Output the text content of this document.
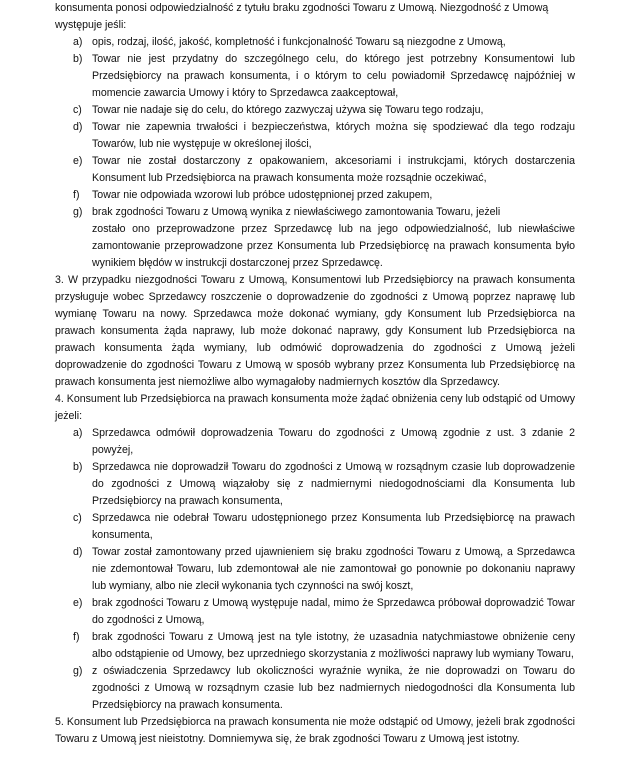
konsumenta ponosi odpowiedzialność z tytułu braku zgodności Towaru z Umową. Niezgodność z Umową

występuje jeśli:

a) opis, rodzaj, ilość, jakość, kompletność i funkcjonalność Towaru są niezgodne z Umową,
b) Towar nie jest przydatny do szczególnego celu, do którego jest potrzebny Konsumentowi lub Przedsiębiorcy na prawach konsumenta, i o którym to celu powiadomił Sprzedawcę najpóźniej w momencie zawarcia Umowy i który to Sprzedawca zaakceptował,
c) Towar nie nadaje się do celu, do którego zazwyczaj używa się Towaru tego rodzaju,
d) Towar nie zapewnia trwałości i bezpieczeństwa, których można się spodziewać dla tego rodzaju Towarów, lub nie występuje w określonej ilości,
e) Towar nie został dostarczony z opakowaniem, akcesoriami i instrukcjami, których dostarczenia Konsument lub Przedsiębiorca na prawach konsumenta może rozsądnie oczekiwać,
f) Towar nie odpowiada wzorowi lub próbce udostępnionej przed zakupem,
g) brak zgodności Towaru z Umową wynika z niewłaściwego zamontowania Towaru, jeżeli

zostało ono przeprowadzone przez Sprzedawcę lub na jego odpowiedzialność, lub niewłaściwe zamontowanie przeprowadzone przez Konsumenta lub Przedsiębiorcę na prawach konsumenta było wynikiem błędów w instrukcji dostarczonej przez Sprzedawcę.

3. W przypadku niezgodności Towaru z Umową, Konsumentowi lub Przedsiębiorcy na prawach konsumenta przysługuje wobec Sprzedawcy roszczenie o doprowadzenie do zgodności z Umową poprzez naprawę lub wymianę Towaru na nowy. Sprzedawca może dokonać wymiany, gdy Konsument lub Przedsiębiorca na prawach konsumenta żąda naprawy, lub może dokonać naprawy, gdy Konsument lub Przedsiębiorca na prawach konsumenta żąda wymiany, lub odmówić doprowadzenia do zgodności z Umową jeżeli doprowadzenie do zgodności Towaru z Umową w sposób wybrany przez Konsumenta lub Przedsiębiorcę na prawach konsumenta jest niemożliwe albo wymagałoby nadmiernych kosztów dla Sprzedawcy.

4. Konsument lub Przedsiębiorca na prawach konsumenta może żądać obniżenia ceny lub odstąpić od Umowy jeżeli:

a) Sprzedawca odmówił doprowadzenia Towaru do zgodności z Umową zgodnie z ust. 3 zdanie 2 powyżej,
b) Sprzedawca nie doprowadził Towaru do zgodności z Umową w rozsądnym czasie lub doprowadzenie do zgodności z Umową wiązałoby się z nadmiernymi niedogodnościami dla Konsumenta lub Przedsiębiorcy na prawach konsumenta,
c) Sprzedawca nie odebrał Towaru udostępnionego przez Konsumenta lub Przedsiębiorcę na prawach konsumenta,
d) Towar został zamontowany przed ujawnieniem się braku zgodności Towaru z Umową, a Sprzedawca nie zdemontował Towaru, lub zdemontował ale nie zamontował go ponownie po dokonaniu naprawy lub wymiany, albo nie zlecił wykonania tych czynności na swój koszt,
e) brak zgodności Towaru z Umową występuje nadal, mimo że Sprzedawca próbował doprowadzić Towar do zgodności z Umową,
f) brak zgodności Towaru z Umową jest na tyle istotny, że uzasadnia natychmiastowe obniżenie ceny albo odstąpienie od Umowy, bez uprzedniego skorzystania z możliwości naprawy lub wymiany Towaru,
g) z oświadczenia Sprzedawcy lub okoliczności wyraźnie wynika, że nie doprowadzi on Towaru do zgodności z Umową w rozsądnym czasie lub bez nadmiernych niedogodności dla Konsumenta lub Przedsiębiorcy na prawach konsumenta.

5. Konsument lub Przedsiębiorca na prawach konsumenta nie może odstąpić od Umowy, jeżeli brak zgodności Towaru z Umową jest nieistotny. Domniemywa się, że brak zgodności Towaru z Umową jest istotny.
